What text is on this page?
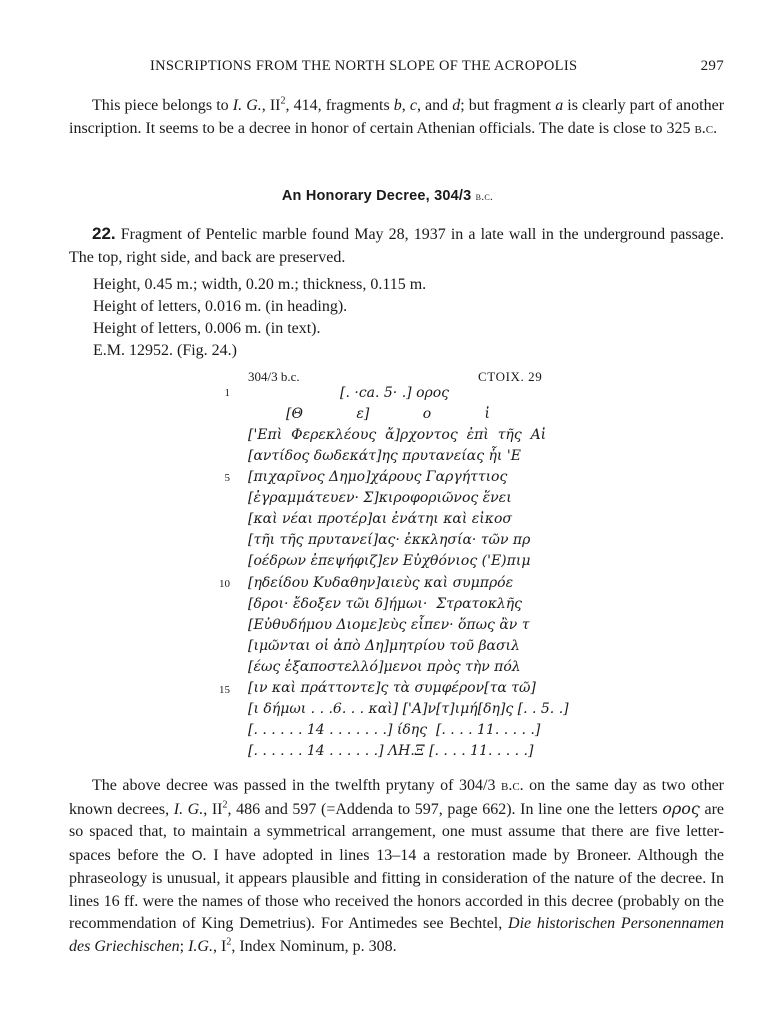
INSCRIPTIONS FROM THE NORTH SLOPE OF THE ACROPOLIS	297

This piece belongs to I. G., $II^2$, 414, fragments b, c, and d; but fragment a is clearly part of another inscription. It seems to be a decree in honor of certain Athenian officials. The date is close to 325 b.c.

An Honorary Decree, 304/3 b.c.

22. Fragment of Pentelic marble found May 28, 1937 in a late wall in the underground passage. The top, right side, and back are preserved.

Height, 0.45 m.; width, 0.20 m.; thickness, 0.115 m.
Height of letters, 0.016 m. (in heading).
Height of letters, 0.006 m. (in text).
E.M. 12952. (Fig. 24.)
304/3 b.c.	CTOIX. 29
1
5
10
15
[. ·ca. 5· .] ορος
[Θ            ε]            ο            ἰ
['Επὶ  Φερεκλέους  ἄ]ρχοντος  ἐπὶ  τῆς  Αἰ
[αντίδος δωδεκάτ]ης πρυτανείας ἧι 'Ε
[πιχαρῖνος Δημο]χάρους Γαργήττιος
[ἐγραμμάτευεν· Σ]κιροφοριῶνος ἕνει
[καὶ νέαι προτέρ]αι ἐνάτηι καὶ εἰκοσ
[τῆι τῆς πρυτανεί]ας· ἐκκλησία· τῶν πρ
[οέδρων ἐπεψήφιζ]εν Εὐχθόνιος ('Ε)πιμ
[ηδείδου Κυδαθην]αιεὺς καὶ συμπρόε
[δροι· ἔδοξεν τῶι δ]ήμωι·  Στρατοκλῆς
[Εὐθυδήμου Διομε]εὺς εἶπεν· ὅπως ἂν τ
[ιμῶνται οἱ ἀπὸ Δη]μητρίου τοῦ βασιλ
[έως ἐξαποστελλό]μενοι πρὸς τὴν πόλ
[ιν καὶ πράττοντε]ς τὰ συμφέρον[τα τῶ]
[ι δήμωι . . .6. . . καὶ] ['Α]ν[τ]ιμή[δη]ς [. . 5. .]
[. . . . . . 14 . . . . . . .] ίδης  [. . . . 11. . . . .]
[. . . . . . 14 . . . . . .] ΛΗ.Ξ [. . . . 11. . . . .]

The above decree was passed in the twelfth prytany of 304/3 b.c. on the same day as two other known decrees, I. G., $II^2$, 486 and 597 (=Addenda to 597, page 662). In line one the letters ορος are so spaced that, to maintain a symmetrical arrangement, one must assume that there are five letter-spaces before the O. I have adopted in lines 13–14 a restoration made by Broneer. Although the phraseology is unusual, it appears plausible and fitting in consideration of the nature of the decree. In lines 16 ff. were the names of those who received the honors accorded in this decree (probably on the recommendation of King Demetrius). For Antimedes see Bechtel, Die historischen Personennamen des Griechischen; I.G., $I^2$, Index Nominum, p. 308.
